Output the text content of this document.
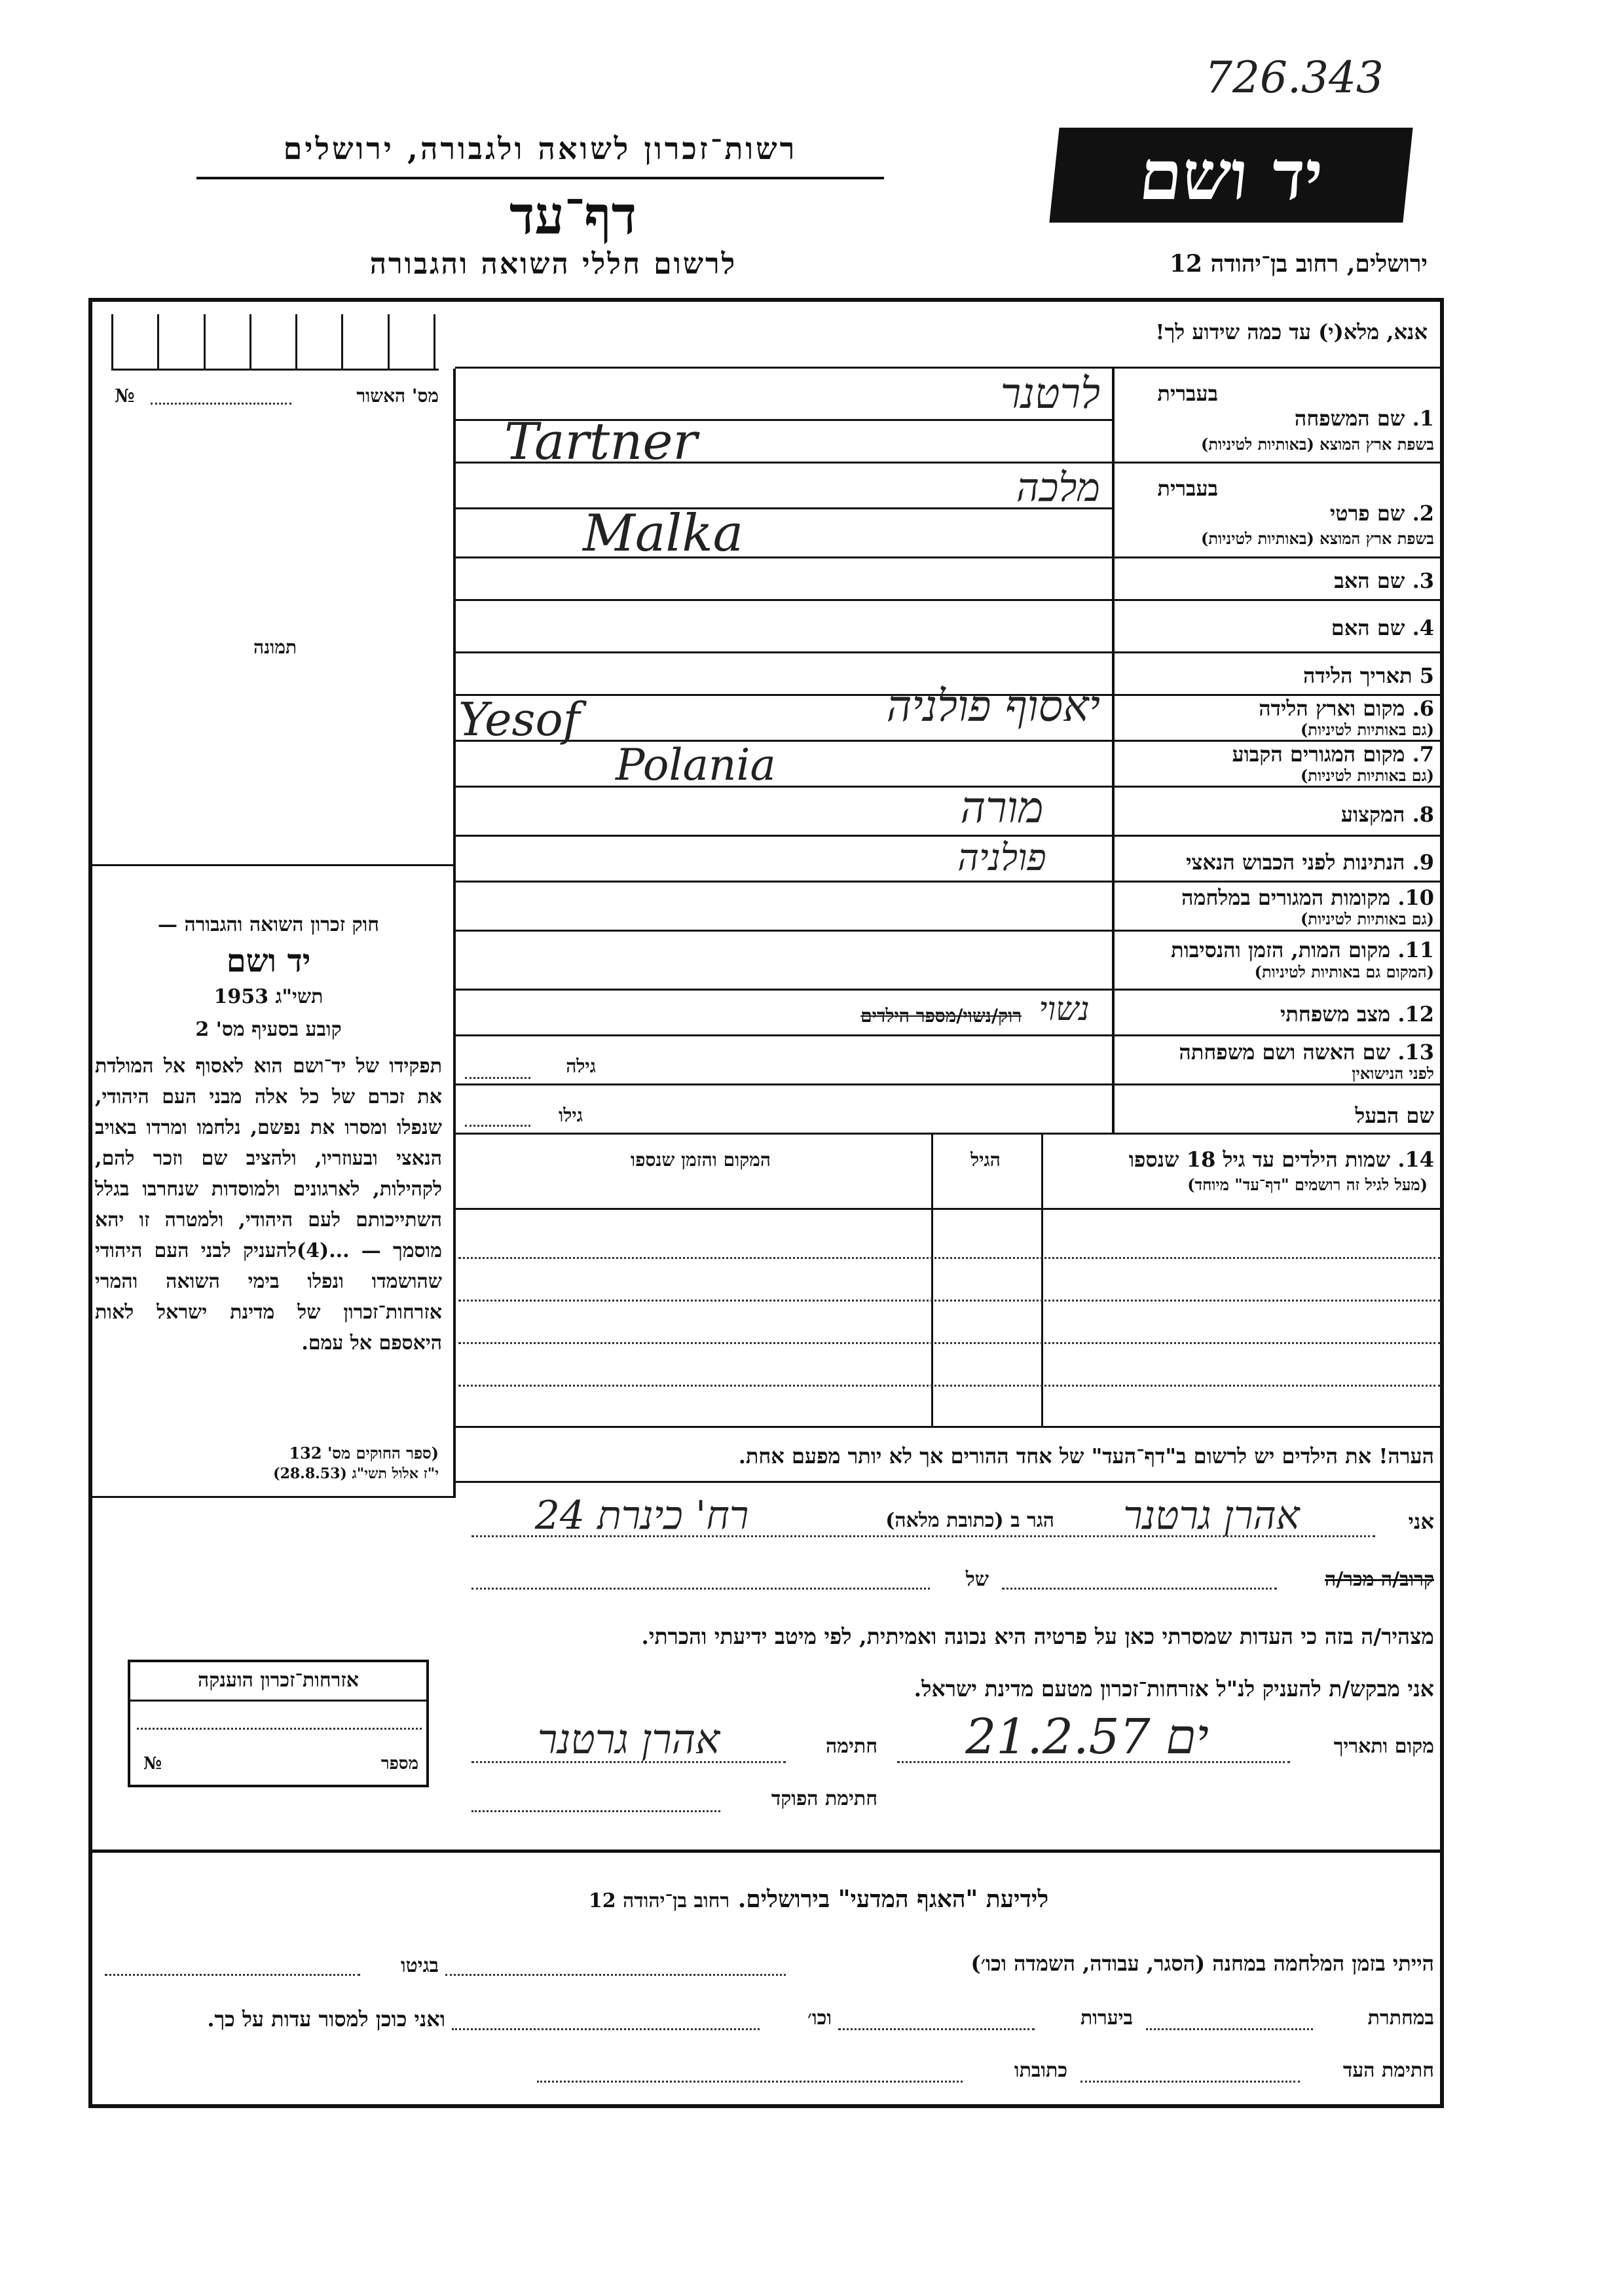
726.343
רשות־זכרון לשואה ולגבורה, ירושלים
דף־עד
לרשום חללי השואה והגבורה
יד ושם
ירושלים, רחוב בן־יהודה 12
אנא, מלא(י) עד כמה שידוע לך!
מס' האשור
№
תמונה
בעברית
1. שם המשפחה
בשפת ארץ המוצא (באותיות לטיניות)
בעברית
2. שם פרטי
בשפת ארץ המוצא (באותיות לטיניות)
3. שם האב
4. שם האם
5 תאריך הלידה
6. מקום וארץ הלידה
(גם באותיות לטיניות)
7. מקום המגורים הקבוע
(גם באותיות לטיניות)
8. המקצוע
9. הנתינות לפני הכבוש הנאצי
10. מקומות המגורים במלחמה
(גם באותיות לטיניות)
11. מקום המות, הזמן והנסיבות
(המקום גם באותיות לטיניות)
12. מצב משפחתי
רוק/נשוי/מספר הילדים נשוי
13. שם האשה ושם משפחתה
לפני הנישואין
גילה
שם הבעל
גילו
לרטנר
Tartner
מלכה
Malka
יאסוף פולניה
Yesof
Polania
מורה
פולניה
14. שמות הילדים עד גיל 18 שנספו
(מעל לגיל זה רושמים "דף־עד" מיוחד)
הגיל
המקום והזמן שנספו
חוק זכרון השואה והגבורה —
יד ושם
תשי"ג 1953
קובע בסעיף מס' 2
תפקידו של יד־ושם הוא לאסוף אל המולדת את זכרם של כל אלה מבני העם היהודי, שנפלו ומסרו את נפשם, נלחמו ומרדו באויב הנאצי ובעוזריו, ולהציב שם וזכר להם, לקהילות, לארגונים ולמוסדות שנחרבו בגלל השתייכותם לעם היהודי, ולמטרה זו יהא מוסמך — ...(4)להעניק לבני העם היהודי שהושמדו ונפלו בימי השואה והמרי אזרחות־זכרון של מדינת ישראל לאות היאספם אל עמם.
(ספר החוקים מס' 132
י"ז אלול תשי"ג (28.8.53)
הערה! את הילדים יש לרשום ב"דף־העד" של אחד ההורים אך לא יותר מפעם אחת.
אני
אהרן גרטנר
הגר ב (כתובת מלאה)
רח' כינרת 24
של	קרוב/ה מכר/ה
מצהיר/ה בזה כי העדות שמסרתי כאן על פרטיה היא נכונה ואמיתית, לפי מיטב ידיעתי והכרתי.
אני מבקש/ת להעניק לנ"ל אזרחות־זכרון מטעם מדינת ישראל.
מקום ותאריך
ים 21.2.57
חתימה
אהרן גרטנר
חתימת הפוקד
אזרחות־זכרון הוענקה
מספר
№
לידיעת "האגף המדעי" בירושלים. רחוב בן־יהודה 12
הייתי בזמן המלחמה במחנה (הסגר, עבודה, השמדה וכו׳)
בגיטו
במחתרת
ביערות
וכו׳
ואני כוכן למסור עדות על כך.
חתימת העד
כתובתו
